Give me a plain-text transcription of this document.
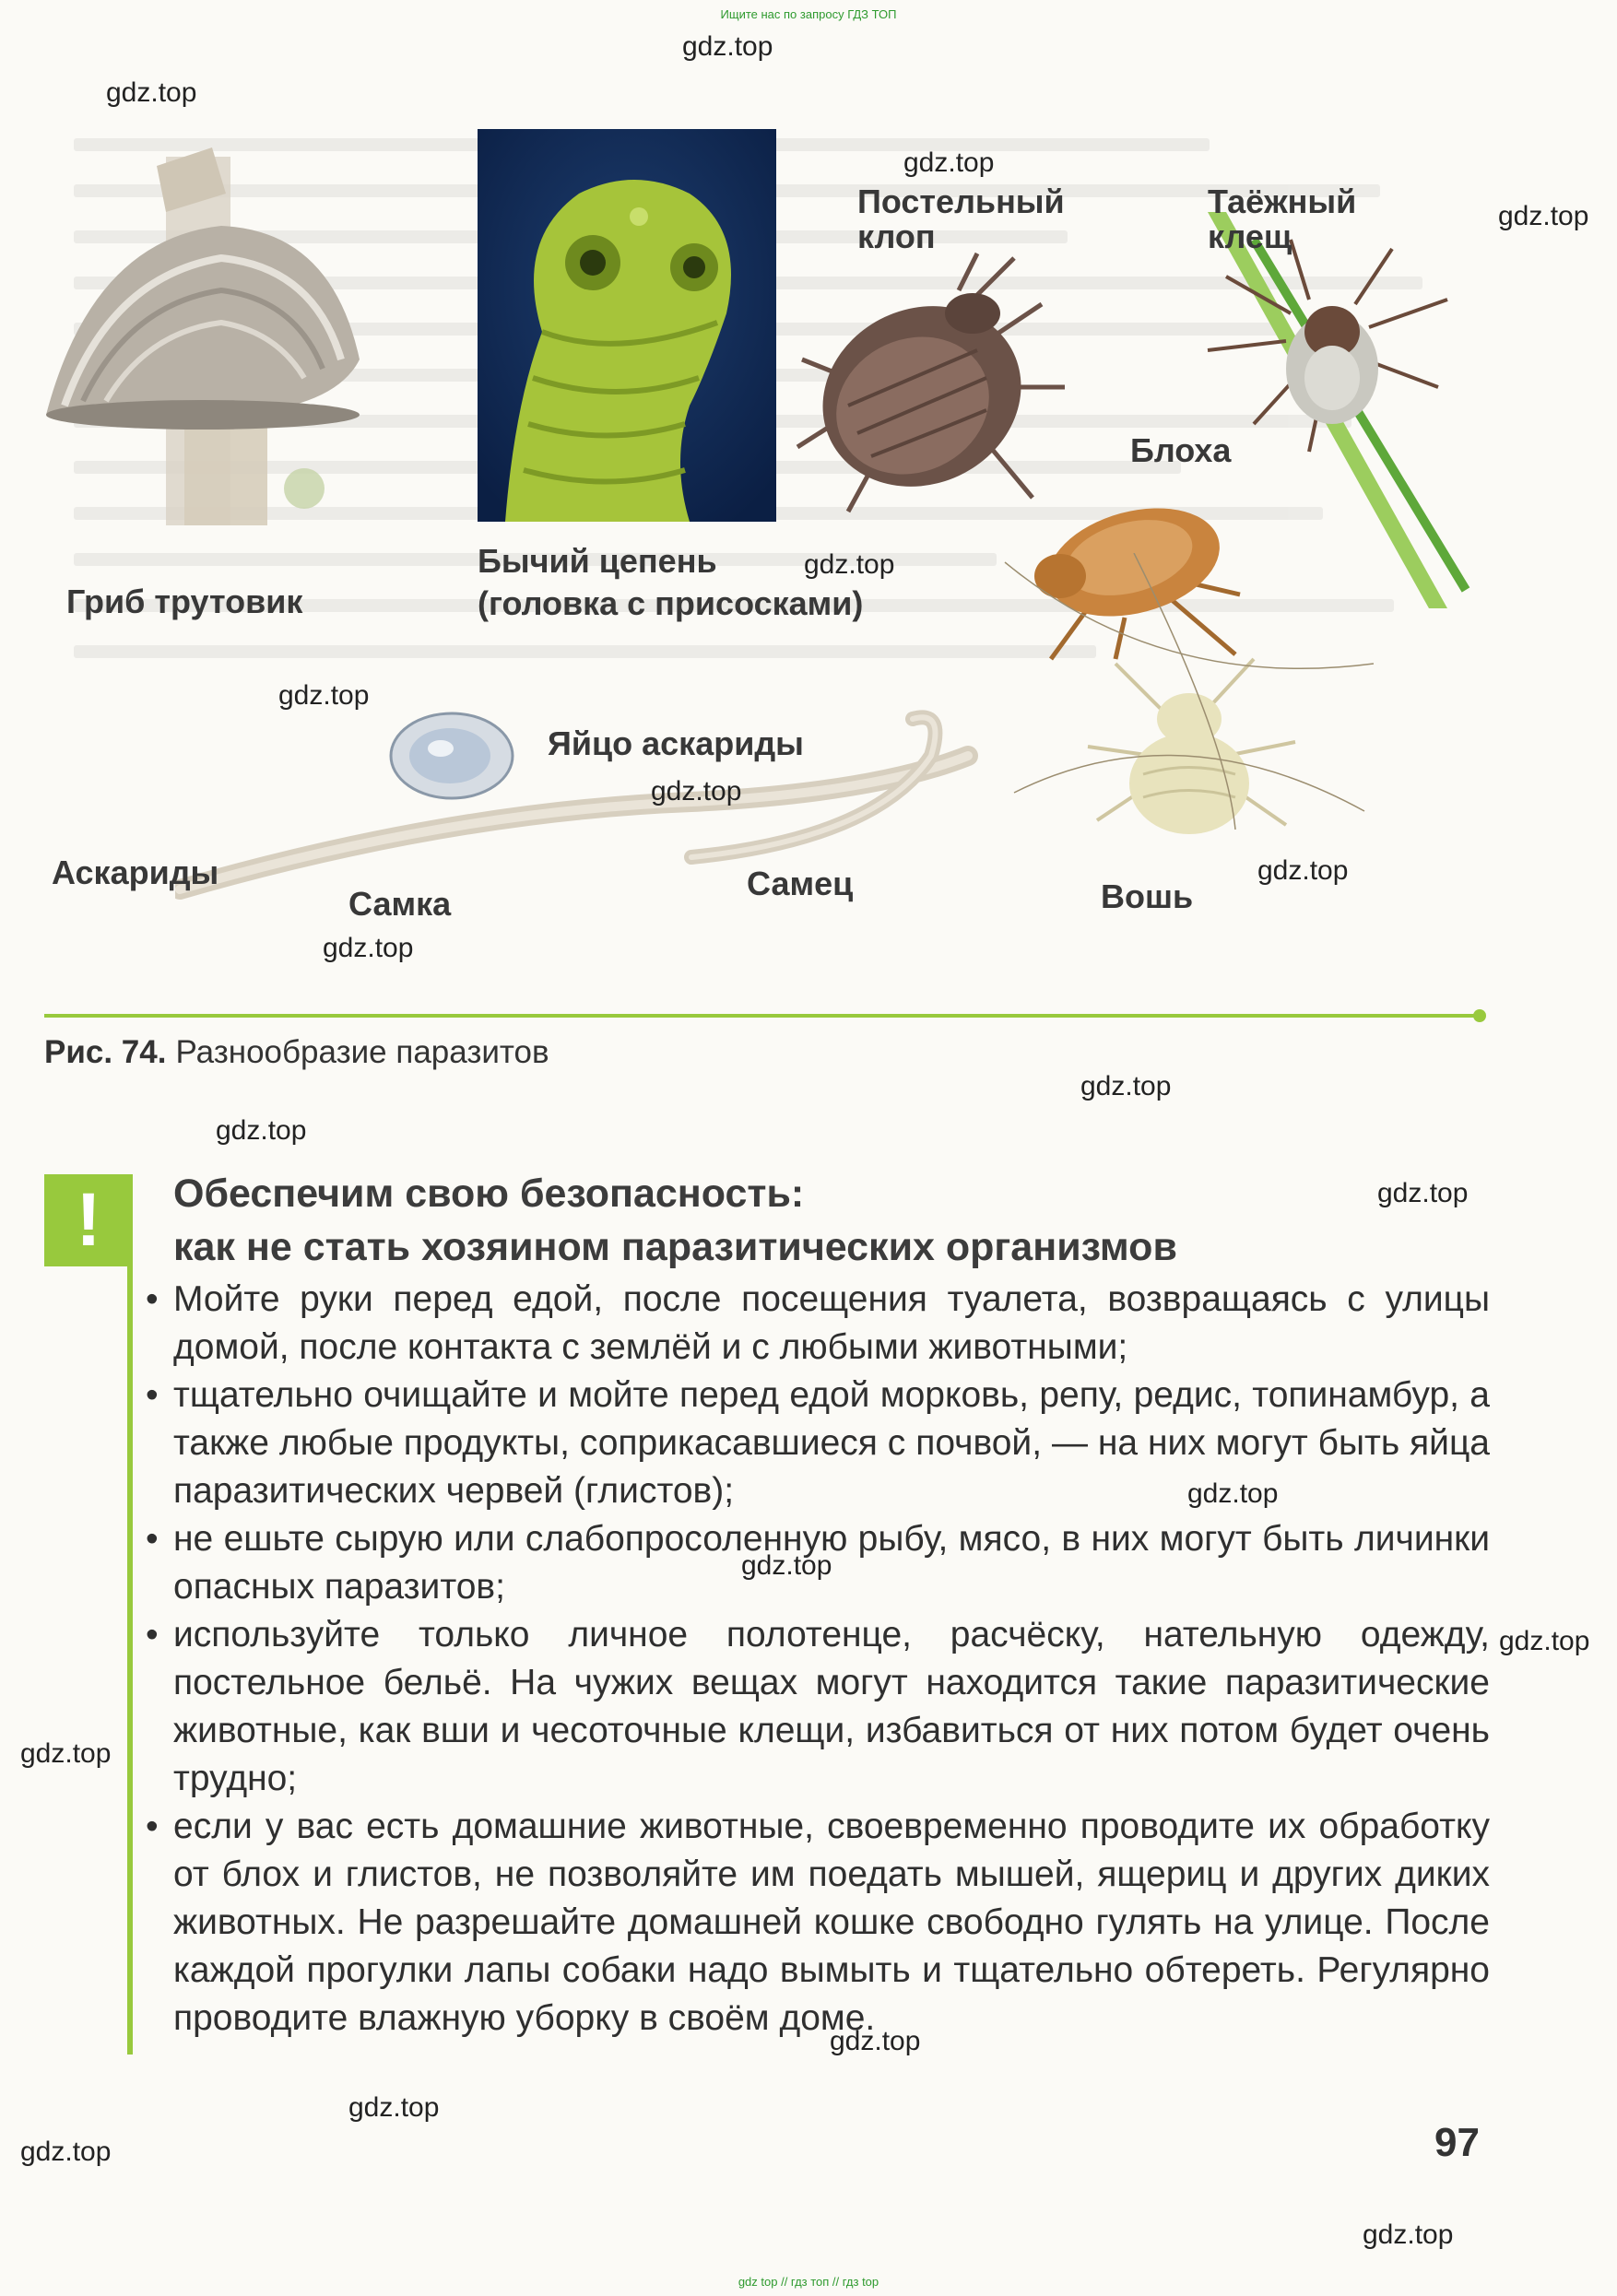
Ищите нас по запросу ГДЗ ТОП
gdz top // гдз топ // гдз top
Гриб трутовик
Бычий цепень
(головка с присосками)
Постельный
клоп
Таёжный
клещ
Блоха
Яйцо аскариды
Аскариды
Самка
Самец	Вошь
Рис. 74. Разнообразие паразитов
!	Обеспечим свою безопасность:
как не стать хозяином паразитических организмов
• Мойте руки перед едой, после посещения туалета, возвращаясь с улицы домой, после контакта с землёй и с любыми животными;
• тщательно очищайте и мойте перед едой морковь, репу, редис, топинамбур, а также любые продукты, соприкасавшиеся с почвой, — на них могут быть яйца паразитических червей (глистов);
• не ешьте сырую или слабопросоленную рыбу, мясо, в них могут быть личинки опасных паразитов;
• используйте только личное полотенце, расчёску, нательную одежду, постельное бельё. На чужих вещах могут находится такие паразитические животные, как вши и чесоточные клещи, избавиться от них потом будет очень трудно;
• если у вас есть домашние животные, своевременно проводите их обработку от блох и глистов, не позволяйте им поедать мышей, ящериц и других диких животных. Не разрешайте домашней кошке свободно гулять на улице. После каждой прогулки лапы собаки надо вымыть и тщательно обтереть. Регулярно проводите влажную уборку в своём доме.
97
gdz.top
gdz.top
gdz.top
gdz.top
gdz.top
gdz.top
gdz.top
gdz.top
gdz.top
gdz.top
gdz.top
gdz.top
gdz.top
gdz.top
gdz.top
gdz.top
gdz.top
gdz.top
gdz.top
gdz.top
